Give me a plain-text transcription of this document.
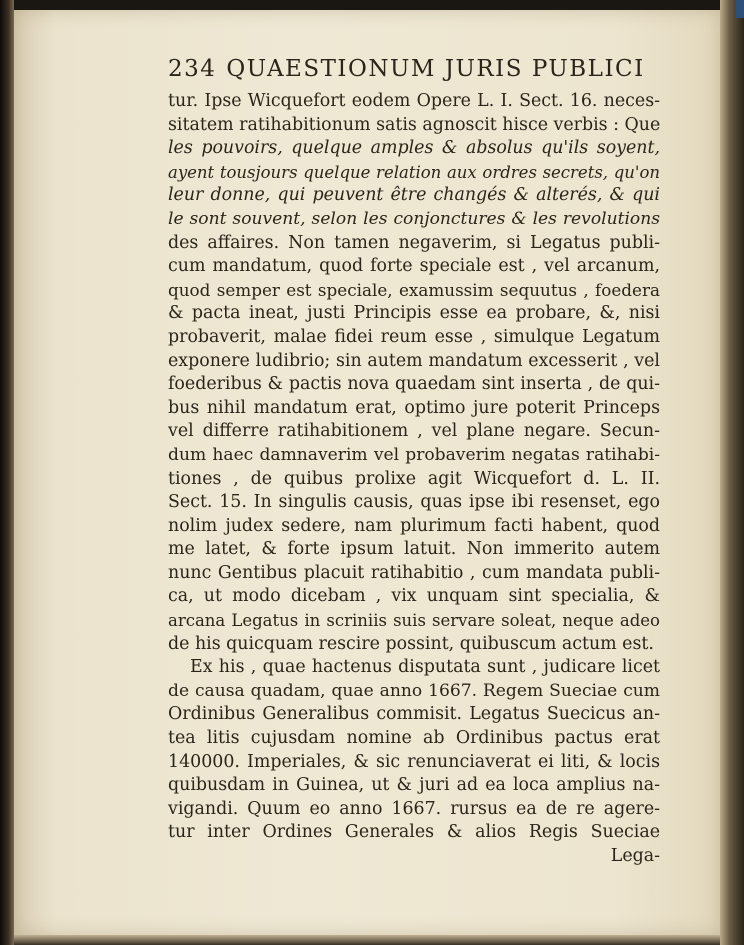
234 QUAESTIONUM JURIS PUBLICI
tur. Ipse Wicquefort eodem Opere L. I. Sect. 16. neces-
sitatem ratihabitionum satis agnoscit hisce verbis : Que
les pouvoirs, quelque amples & absolus qu'ils soyent,
ayent tousjours quelque relation aux ordres secrets, qu'on
leur donne, qui peuvent être changés & alterés, & qui
le sont souvent, selon les conjonctures & les revolutions
des affaires. Non tamen negaverim, si Legatus publi-
cum mandatum, quod forte speciale est , vel arcanum,
quod semper est speciale, examussim sequutus , foedera
& pacta ineat, justi Principis esse ea probare, &, nisi
probaverit, malae fidei reum esse , simulque Legatum
exponere ludibrio; sin autem mandatum excesserit , vel
foederibus & pactis nova quaedam sint inserta , de qui-
bus nihil mandatum erat, optimo jure poterit Princeps
vel differre ratihabitionem , vel plane negare. Secun-
dum haec damnaverim vel probaverim negatas ratihabi-
tiones , de quibus prolixe agit Wicquefort d. L. II.
Sect. 15. In singulis causis, quas ipse ibi resenset, ego
nolim judex sedere, nam plurimum facti habent, quod
me latet, & forte ipsum latuit. Non immerito autem
nunc Gentibus placuit ratihabitio , cum mandata publi-
ca, ut modo dicebam , vix unquam sint specialia, &
arcana Legatus in scriniis suis servare soleat, neque adeo
de his quicquam rescire possint, quibuscum actum est.
Ex his , quae hactenus disputata sunt , judicare licet
de causa quadam, quae anno 1667. Regem Sueciae cum
Ordinibus Generalibus commisit. Legatus Suecicus an-
tea litis cujusdam nomine ab Ordinibus pactus erat
140000. Imperiales, & sic renunciaverat ei liti, & locis
quibusdam in Guinea, ut & juri ad ea loca amplius na-
vigandi. Quum eo anno 1667. rursus ea de re agere-
tur inter Ordines Generales & alios Regis Sueciae
Lega-
